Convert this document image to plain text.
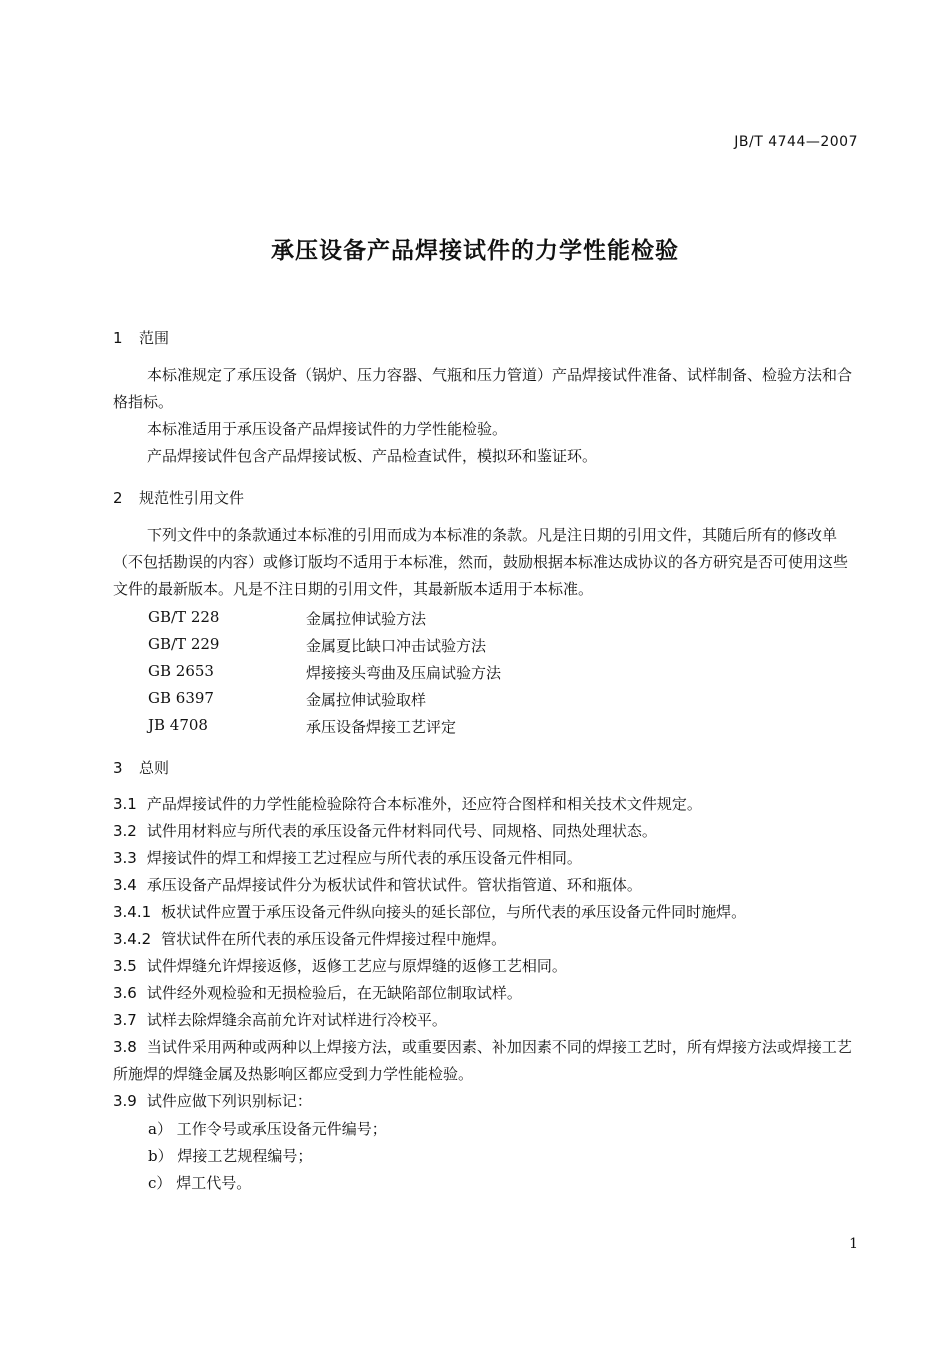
JB/T 4744—2007
承压设备产品焊接试件的力学性能检验
1 范围
本标准规定了承压设备（锅炉、压力容器、气瓶和压力管道）产品焊接试件准备、试样制备、检验方法和合格指标。
本标准适用于承压设备产品焊接试件的力学性能检验。
产品焊接试件包含产品焊接试板、产品检查试件，模拟环和鉴证环。
2 规范性引用文件
下列文件中的条款通过本标准的引用而成为本标准的条款。凡是注日期的引用文件，其随后所有的修改单（不包括勘误的内容）或修订版均不适用于本标准，然而，鼓励根据本标准达成协议的各方研究是否可使用这些文件的最新版本。凡是不注日期的引用文件，其最新版本适用于本标准。
GB/T 228	金属拉伸试验方法
GB/T 229	金属夏比缺口冲击试验方法
GB 2653	焊接接头弯曲及压扁试验方法
GB 6397	金属拉伸试验取样
JB 4708	承压设备焊接工艺评定
3 总则
3.1 产品焊接试件的力学性能检验除符合本标准外，还应符合图样和相关技术文件规定。
3.2 试件用材料应与所代表的承压设备元件材料同代号、同规格、同热处理状态。
3.3 焊接试件的焊工和焊接工艺过程应与所代表的承压设备元件相同。
3.4 承压设备产品焊接试件分为板状试件和管状试件。管状指管道、环和瓶体。
3.4.1 板状试件应置于承压设备元件纵向接头的延长部位，与所代表的承压设备元件同时施焊。
3.4.2 管状试件在所代表的承压设备元件焊接过程中施焊。
3.5 试件焊缝允许焊接返修，返修工艺应与原焊缝的返修工艺相同。
3.6 试件经外观检验和无损检验后，在无缺陷部位制取试样。
3.7 试样去除焊缝余高前允许对试样进行冷校平。
3.8 当试件采用两种或两种以上焊接方法，或重要因素、补加因素不同的焊接工艺时，所有焊接方法或焊接工艺所施焊的焊缝金属及热影响区都应受到力学性能检验。
3.9 试件应做下列识别标记：
a） 工作令号或承压设备元件编号；
b） 焊接工艺规程编号；
c） 焊工代号。
1
